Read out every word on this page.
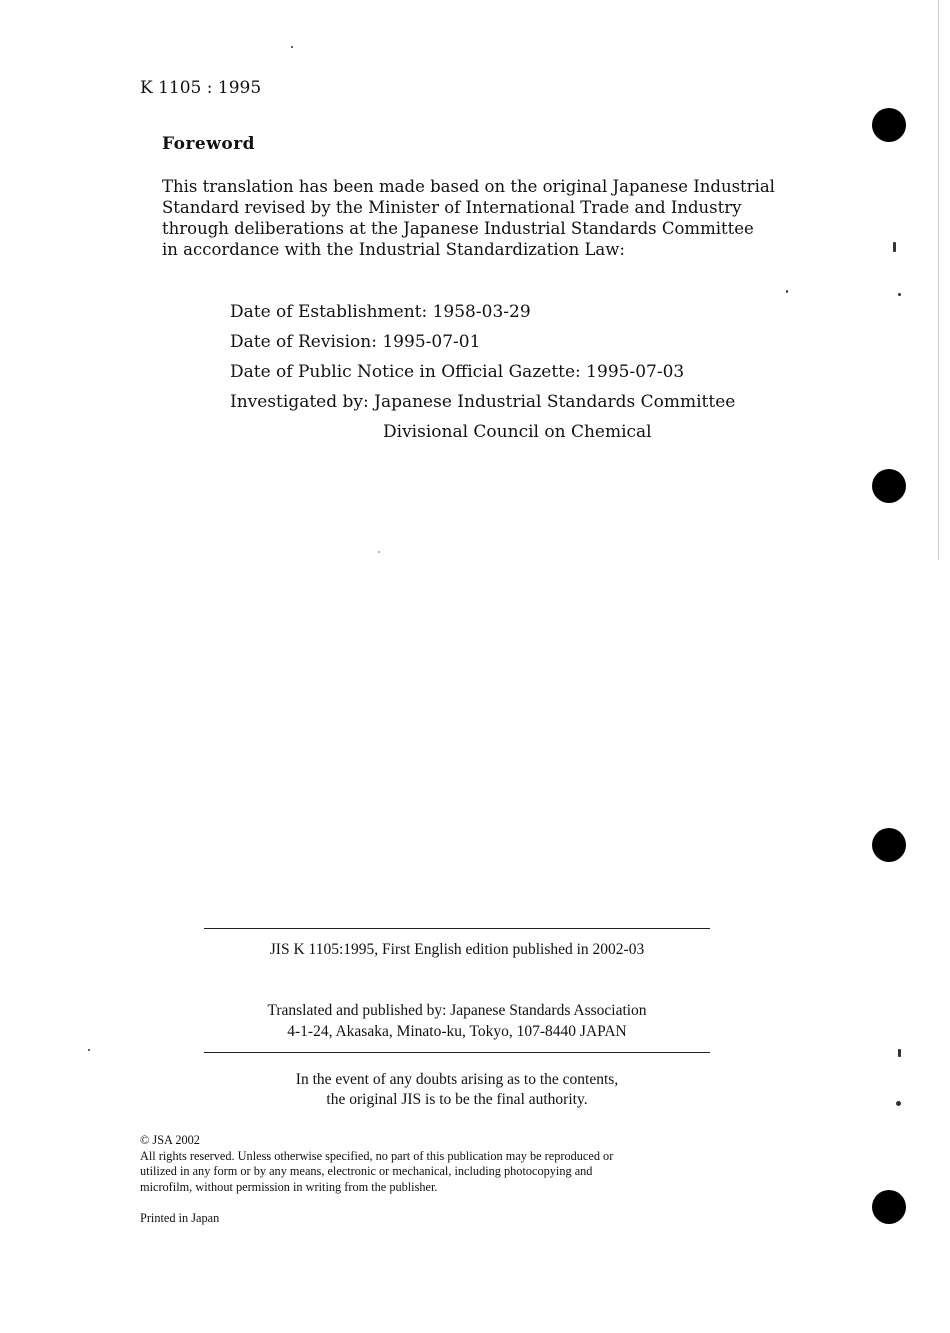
K 1105 : 1995
Foreword
This translation has been made based on the original Japanese Industrial
Standard revised by the Minister of International Trade and Industry
through deliberations at the Japanese Industrial Standards Committee
in accordance with the Industrial Standardization Law:
Date of Establishment: 1958-03-29
Date of Revision: 1995-07-01
Date of Public Notice in Official Gazette: 1995-07-03
Investigated by: Japanese Industrial Standards Committee
Divisional Council on Chemical
JIS K 1105:1995, First English edition published in 2002-03
Translated and published by: Japanese Standards Association
4-1-24, Akasaka, Minato-ku, Tokyo, 107-8440 JAPAN
In the event of any doubts arising as to the contents,
the original JIS is to be the final authority.
© JSA 2002
All rights reserved. Unless otherwise specified, no part of this publication may be reproduced or
utilized in any form or by any means, electronic or mechanical, including photocopying and
microfilm, without permission in writing from the publisher.
Printed in Japan
